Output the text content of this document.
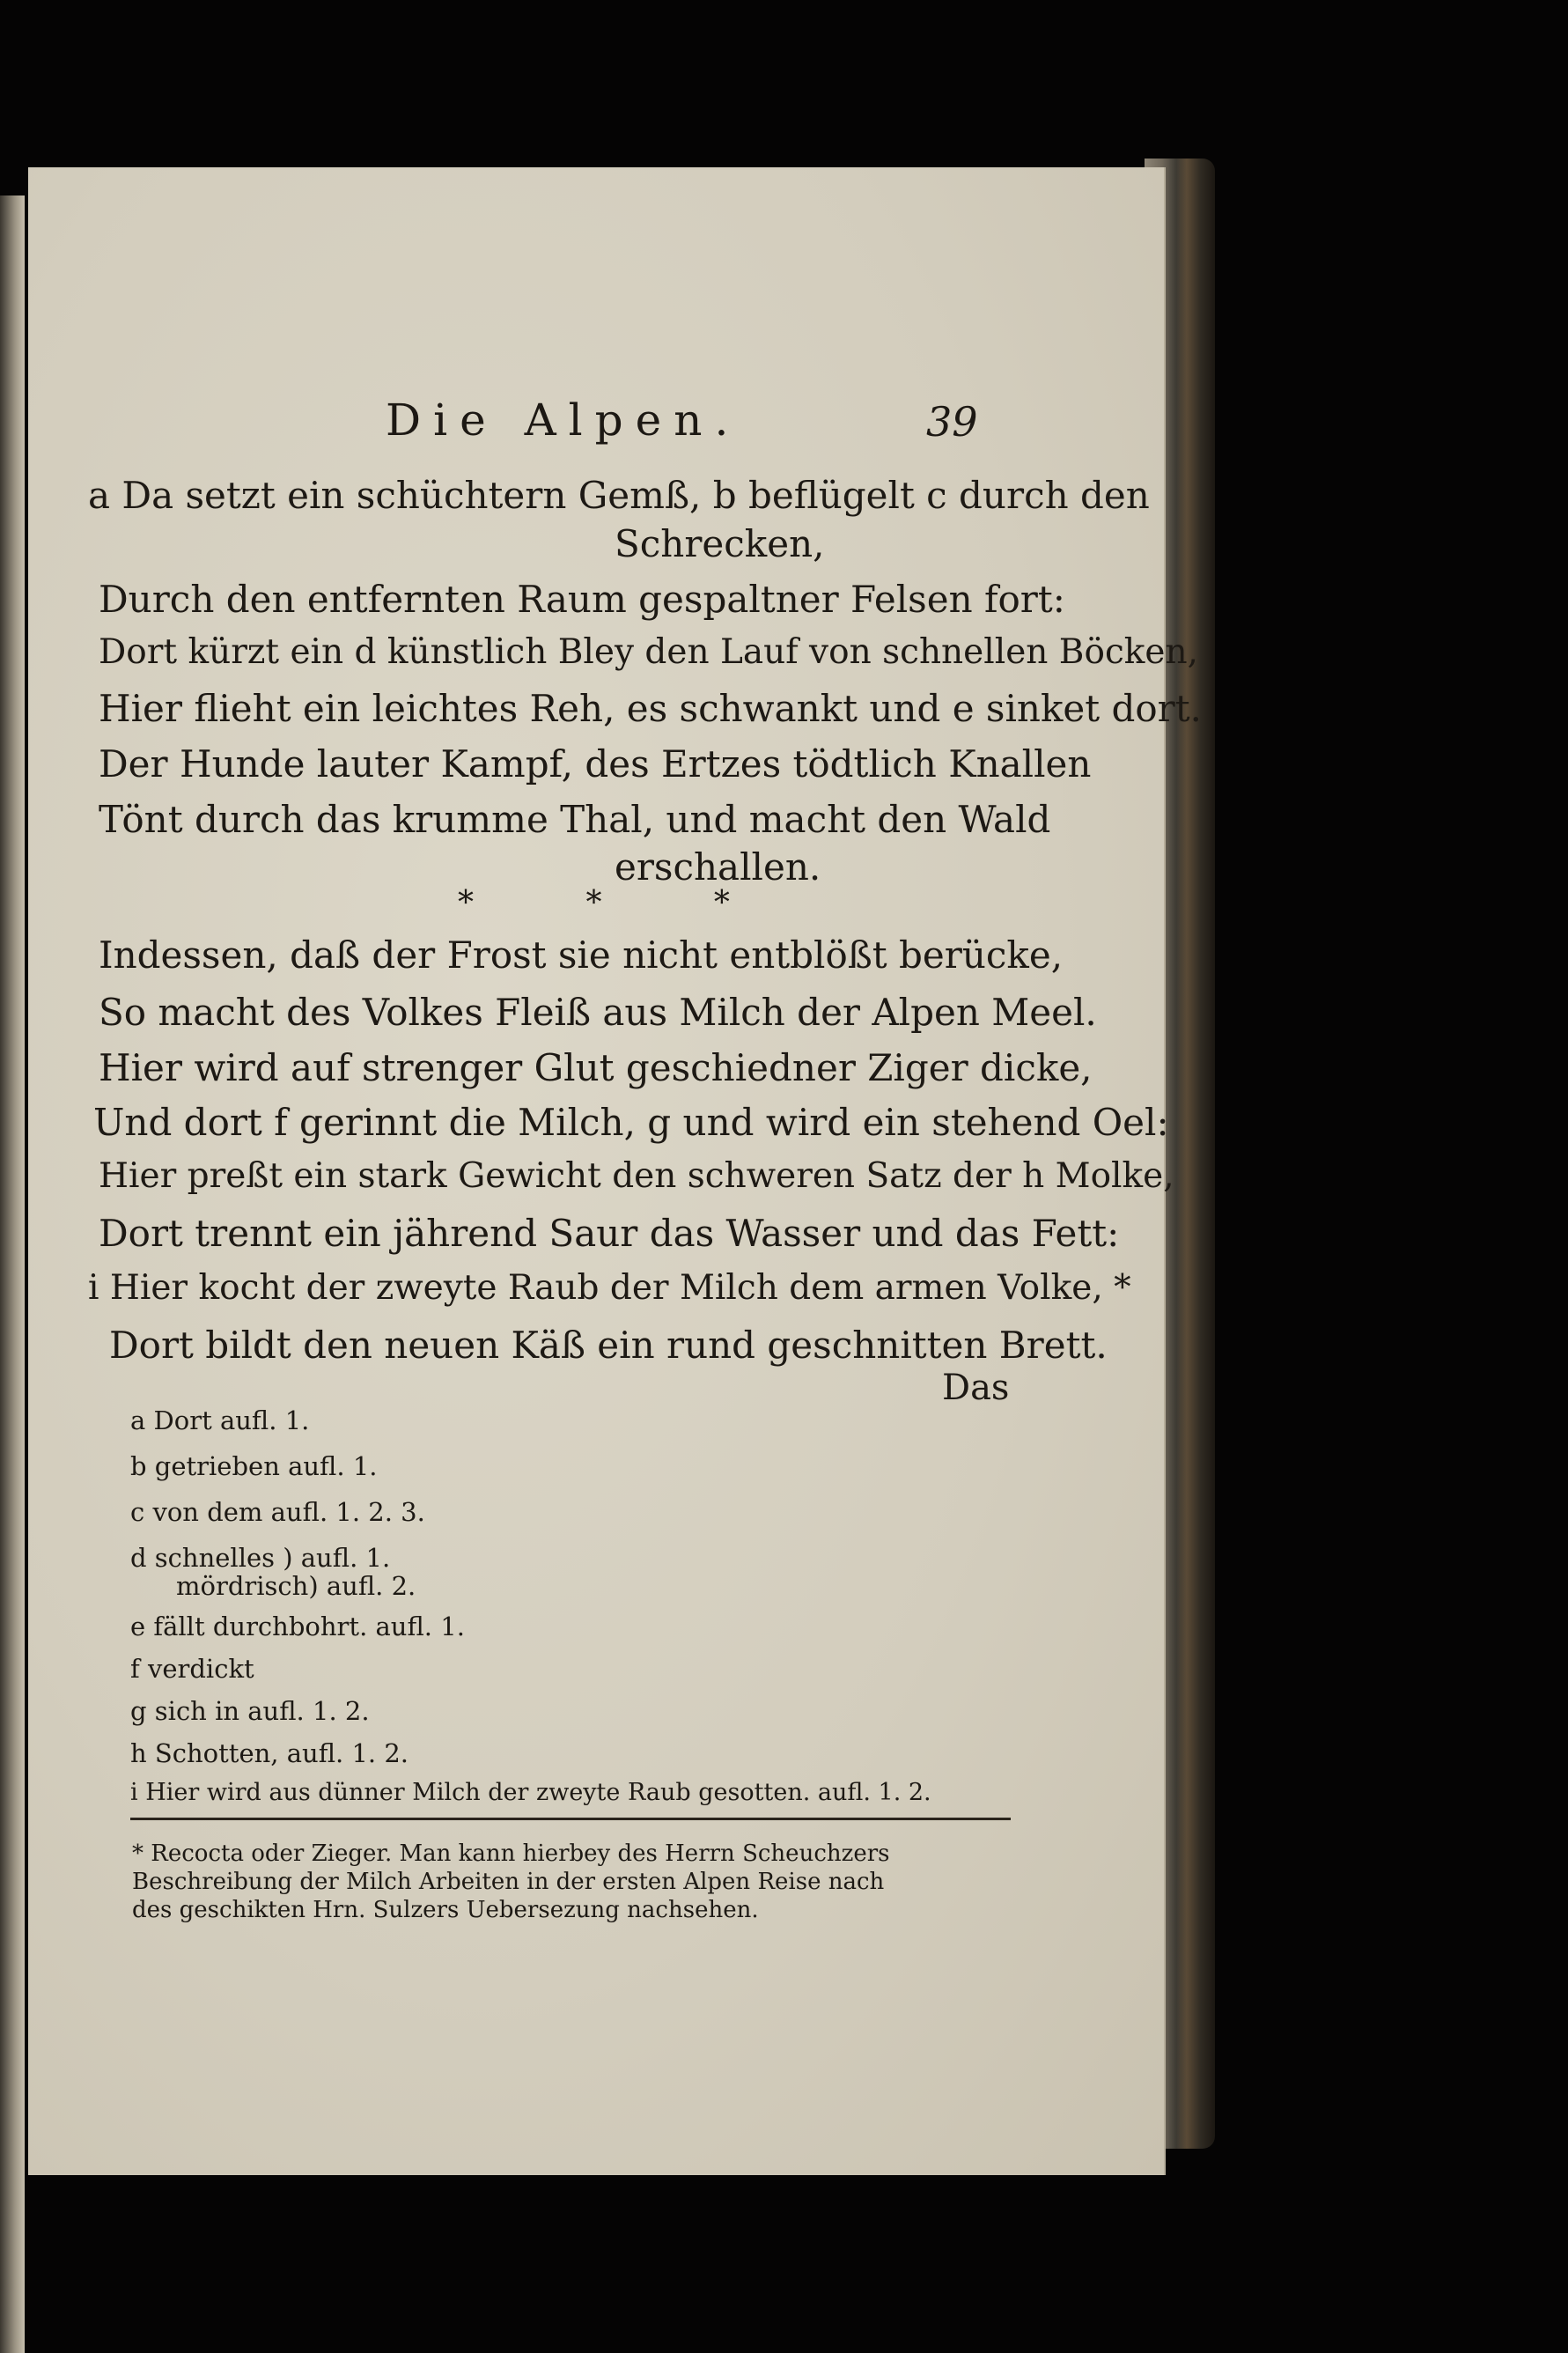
Die Alpen.	39
a Da setzt ein schüchtern Gemß, b beflügelt c durch den
Schrecken,
Durch den entfernten Raum gespaltner Felsen fort:
Dort kürzt ein d künstlich Bley den Lauf von schnellen Böcken,
Hier flieht ein leichtes Reh, es schwankt und e sinket dort.
Der Hunde lauter Kampf, des Ertzes tödtlich Knallen
Tönt durch das krumme Thal, und macht den Wald
erschallen.
* * *
Indessen, daß der Frost sie nicht entblößt berücke,
So macht des Volkes Fleiß aus Milch der Alpen Meel.
Hier wird auf strenger Glut geschiedner Ziger dicke,
Und dort f gerinnt die Milch, g und wird ein stehend Oel:
Hier preßt ein stark Gewicht den schweren Satz der h Molke,
Dort trennt ein jährend Saur das Wasser und das Fett:
i Hier kocht der zweyte Raub der Milch dem armen Volke, *
Dort bildt den neuen Käß ein rund geschnitten Brett.
Das
a Dort aufl. 1.
b getrieben aufl. 1.
c von dem aufl. 1. 2. 3.
d schnelles ) aufl. 1.
mördrisch) aufl. 2.
e fällt durchbohrt. aufl. 1.
f verdickt
g sich in aufl. 1. 2.
h Schotten, aufl. 1. 2.
i Hier wird aus dünner Milch der zweyte Raub gesotten. aufl. 1. 2.
* Recocta oder Zieger. Man kann hierbey des Herrn Scheuchzers
Beschreibung der Milch Arbeiten in der ersten Alpen Reise nach
des geschikten Hrn. Sulzers Uebersezung nachsehen.
